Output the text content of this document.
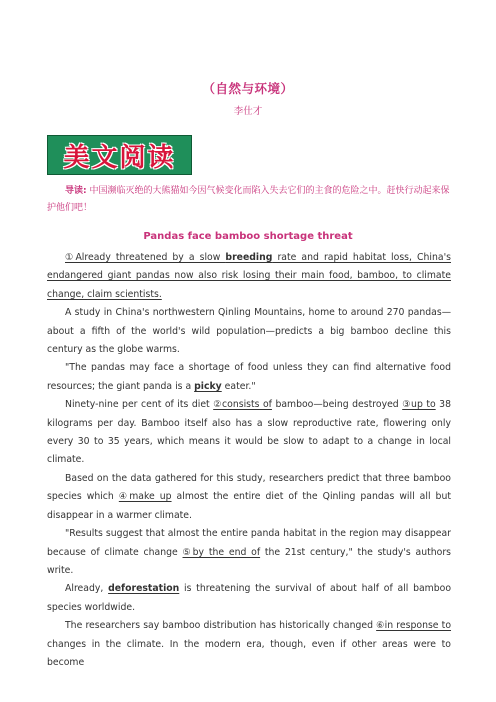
（自然与环境）
李仕才
美文阅读
导读: 中国濒临灭绝的大熊猫如今因气候变化而陷入失去它们的主食的危险之中。赶快行动起来保护他们吧！
Pandas face bamboo shortage threat

①Already threatened by a slow breeding rate and rapid habitat loss, China's endangered giant pandas now also risk losing their main food, bamboo, to climate change, claim scientists.

A study in China's northwestern Qinling Mountains, home to around 270 pandas—about a fifth of the world's wild population—predicts a big bamboo decline this century as the globe warms.

"The pandas may face a shortage of food unless they can find alternative food resources; the giant panda is a picky eater."

Ninety-nine per cent of its diet ②consists of bamboo—being destroyed ③up to 38 kilograms per day. Bamboo itself also has a slow reproductive rate, flowering only every 30 to 35 years, which means it would be slow to adapt to a change in local climate.

Based on the data gathered for this study, researchers predict that three bamboo species which ④make up almost the entire diet of the Qinling pandas will all but disappear in a warmer climate.

"Results suggest that almost the entire panda habitat in the region may disappear because of climate change ⑤by the end of the 21st century," the study's authors write.

Already, deforestation is threatening the survival of about half of all bamboo species worldwide.

The researchers say bamboo distribution has historically changed ⑥in response to changes in the climate. In the modern era, though, even if other areas were to become
